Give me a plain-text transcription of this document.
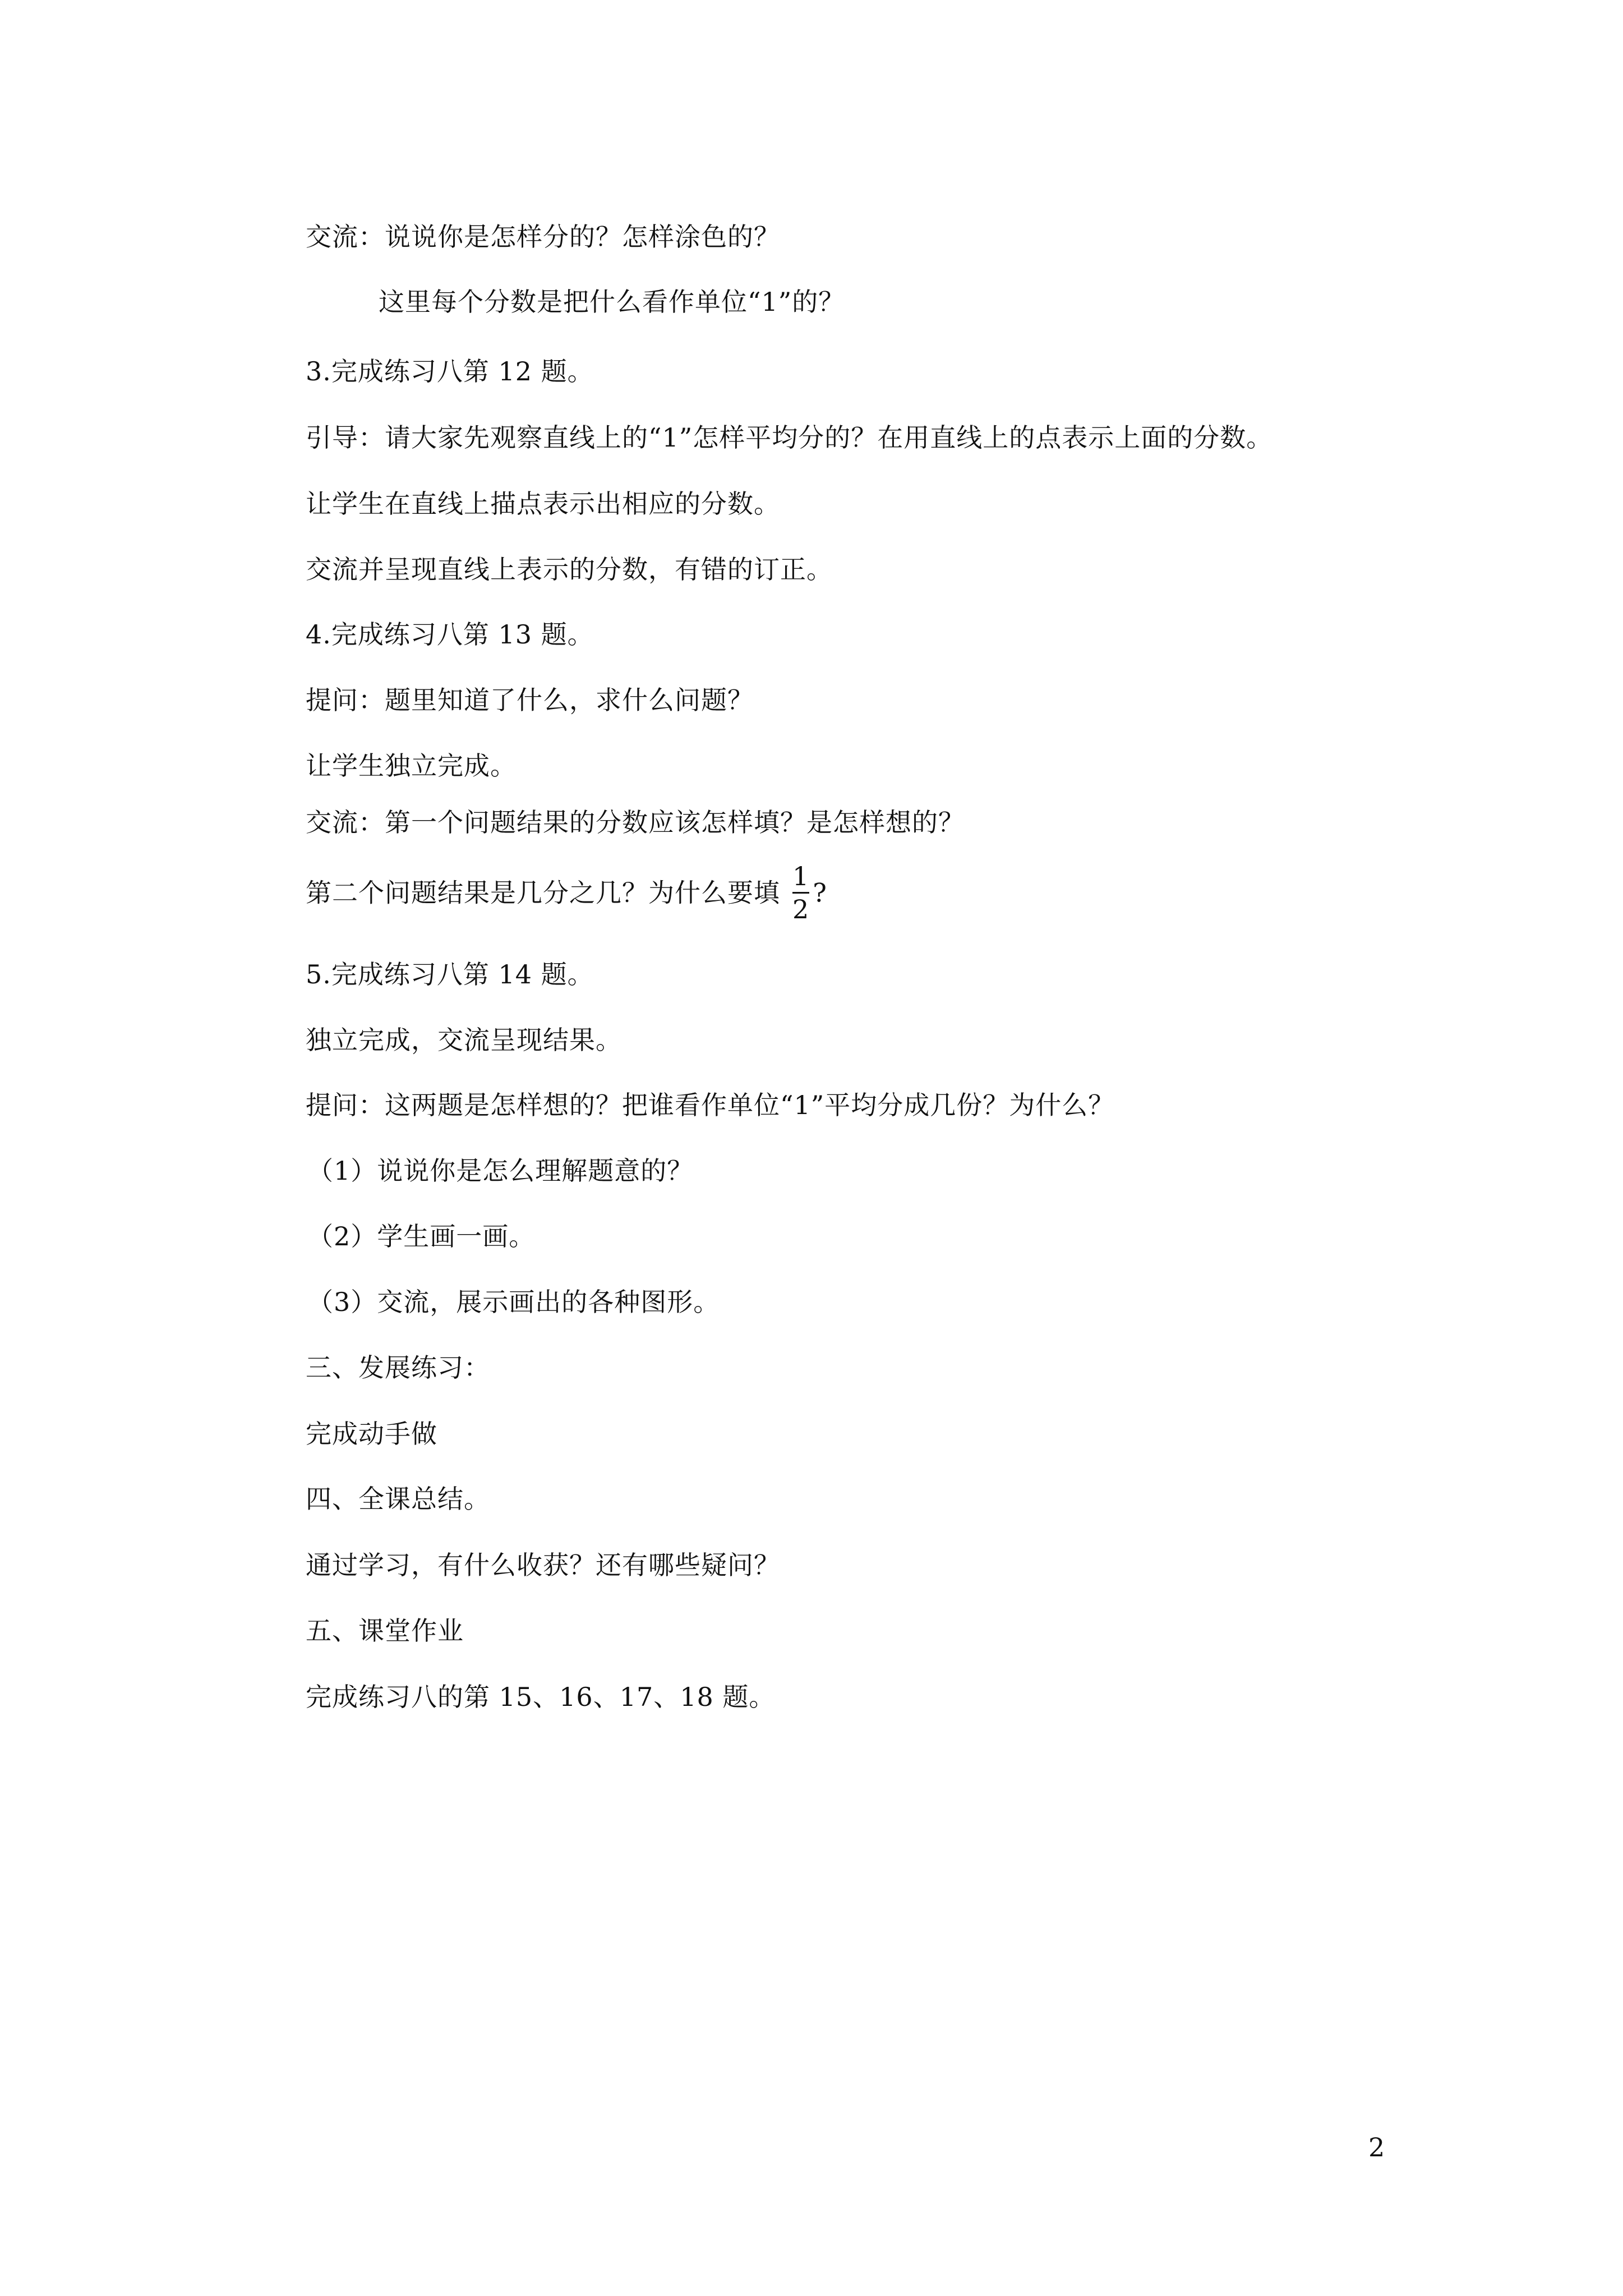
交流：说说你是怎样分的？怎样涂色的？
这里每个分数是把什么看作单位“1”的？
3.完成练习八第 12 题。
引导：请大家先观察直线上的“1”怎样平均分的？在用直线上的点表示上面的分数。
让学生在直线上描点表示出相应的分数。
交流并呈现直线上表示的分数，有错的订正。
4.完成练习八第 13 题。
提问：题里知道了什么，求什么问题？
让学生独立完成。
交流：第一个问题结果的分数应该怎样填？是怎样想的？
第二个问题结果是几分之几？为什么要填 $\frac{1}{2}$ ?
5.完成练习八第 14 题。
独立完成，交流呈现结果。
提问：这两题是怎样想的？把谁看作单位“1”平均分成几份？为什么？
（1）说说你是怎么理解题意的？
（2）学生画一画。
（3）交流，展示画出的各种图形。
三、发展练习：
完成动手做
四、全课总结。
通过学习，有什么收获？还有哪些疑问？
五、课堂作业
完成练习八的第 15、16、17、18 题。
2
